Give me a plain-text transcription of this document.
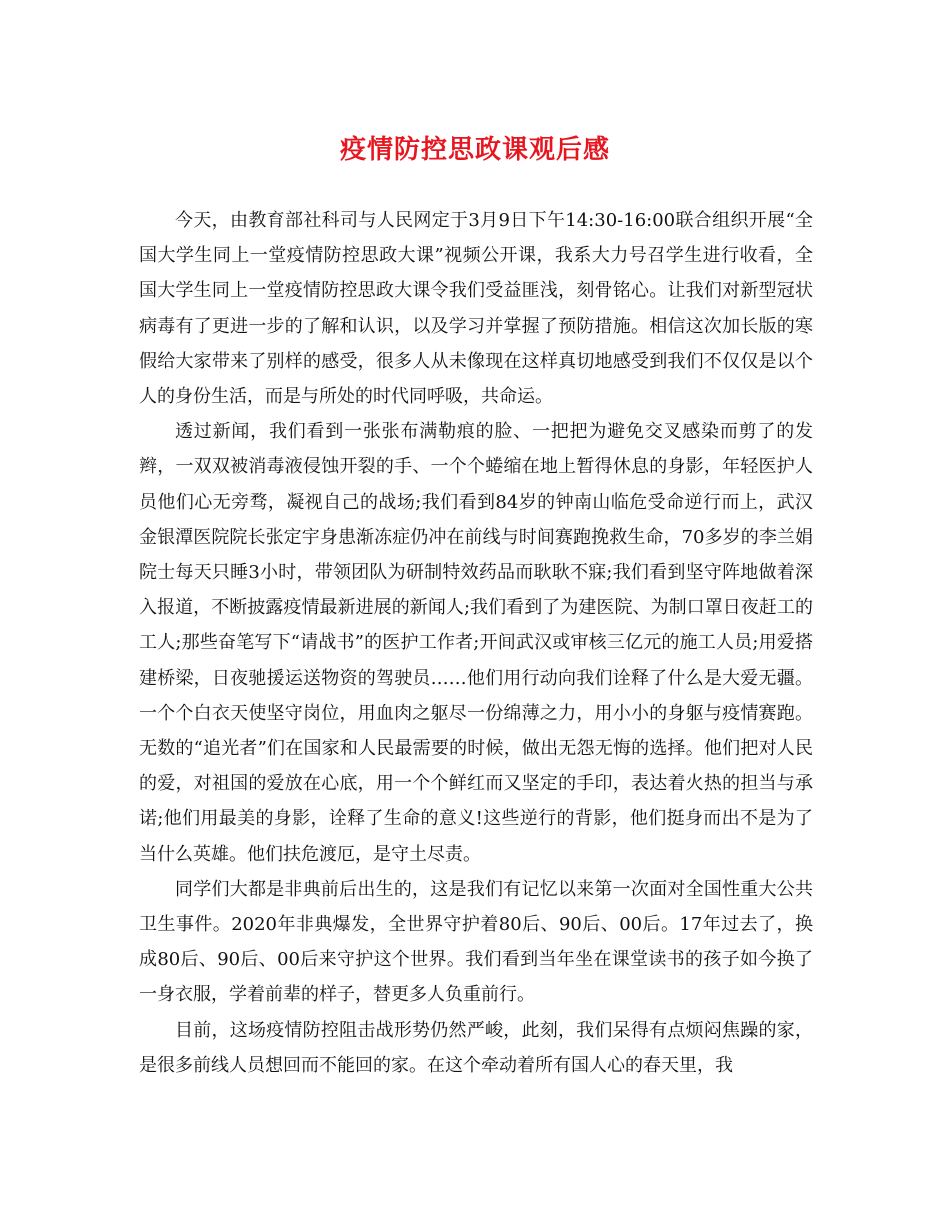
疫情防控思政课观后感

今天，由教育部社科司与人民网定于3月9日下午14:30-16:00联合组织开展“全国大学生同上一堂疫情防控思政大课”视频公开课，我系大力号召学生进行收看，全国大学生同上一堂疫情防控思政大课令我们受益匪浅，刻骨铭心。让我们对新型冠状病毒有了更进一步的了解和认识，以及学习并掌握了预防措施。相信这次加长版的寒假给大家带来了别样的感受，很多人从未像现在这样真切地感受到我们不仅仅是以个人的身份生活，而是与所处的时代同呼吸，共命运。

透过新闻，我们看到一张张布满勒痕的脸、一把把为避免交叉感染而剪了的发辫，一双双被消毒液侵蚀开裂的手、一个个蜷缩在地上暂得休息的身影，年轻医护人员他们心无旁骛，凝视自己的战场;我们看到84岁的钟南山临危受命逆行而上，武汉金银潭医院院长张定宇身患渐冻症仍冲在前线与时间赛跑挽救生命，70多岁的李兰娟院士每天只睡3小时，带领团队为研制特效药品而耿耿不寐;我们看到坚守阵地做着深入报道，不断披露疫情最新进展的新闻人;我们看到了为建医院、为制口罩日夜赶工的工人;那些奋笔写下“请战书”的医护工作者;开间武汉或审核三亿元的施工人员;用爱搭建桥梁，日夜驰援运送物资的驾驶员……他们用行动向我们诠释了什么是大爱无疆。一个个白衣天使坚守岗位，用血肉之躯尽一份绵薄之力，用小小的身躯与疫情赛跑。无数的“追光者”们在国家和人民最需要的时候，做出无怨无悔的选择。他们把对人民的爱，对祖国的爱放在心底，用一个个鲜红而又坚定的手印，表达着火热的担当与承诺;他们用最美的身影，诠释了生命的意义!这些逆行的背影，他们挺身而出不是为了当什么英雄。他们扶危渡厄，是守土尽责。

同学们大都是非典前后出生的，这是我们有记忆以来第一次面对全国性重大公共卫生事件。2020年非典爆发，全世界守护着80后、90后、00后。17年过去了，换成80后、90后、00后来守护这个世界。我们看到当年坐在课堂读书的孩子如今换了一身衣服，学着前辈的样子，替更多人负重前行。

目前，这场疫情防控阻击战形势仍然严峻，此刻，我们呆得有点烦闷焦躁的家，是很多前线人员想回而不能回的家。在这个牵动着所有国人心的春天里，我
